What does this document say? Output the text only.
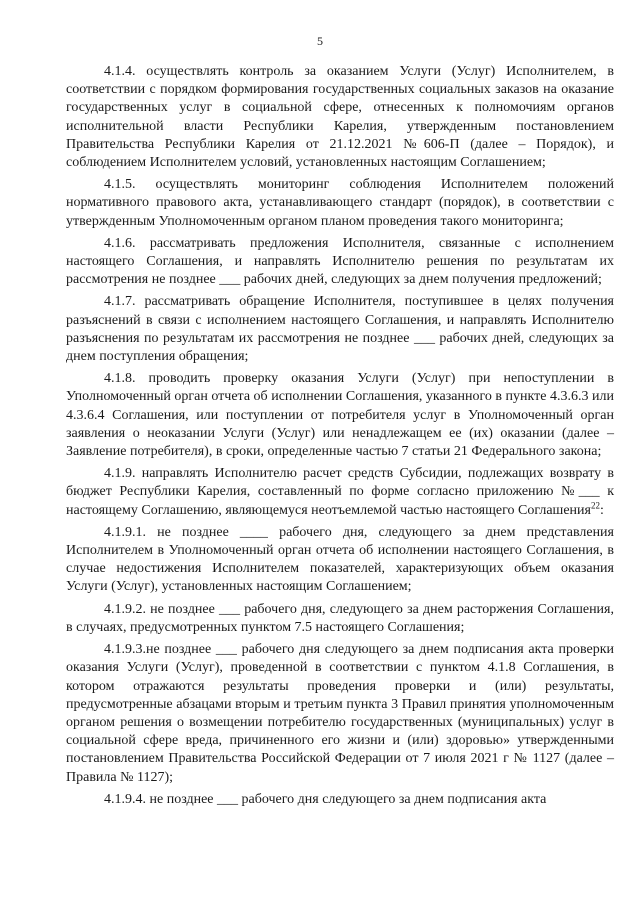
5

4.1.4. осуществлять контроль за оказанием Услуги (Услуг) Исполнителем, в соответствии с порядком формирования государственных социальных заказов на оказание государственных услуг в социальной сфере, отнесенных к полномочиям органов исполнительной власти Республики Карелия, утвержденным постановлением Правительства Республики Карелия от 21.12.2021 №606-П (далее – Порядок), и соблюдением Исполнителем условий, установленных настоящим Соглашением;

4.1.5. осуществлять мониторинг соблюдения Исполнителем положений нормативного правового акта, устанавливающего стандарт (порядок), в соответствии с утвержденным Уполномоченным органом планом проведения такого мониторинга;

4.1.6. рассматривать предложения Исполнителя, связанные с исполнением настоящего Соглашения, и направлять Исполнителю решения по результатам их рассмотрения не позднее ___ рабочих дней, следующих за днем получения предложений;

4.1.7. рассматривать обращение Исполнителя, поступившее в целях получения разъяснений в связи с исполнением настоящего Соглашения, и направлять Исполнителю разъяснения по результатам их рассмотрения не позднее ___ рабочих дней, следующих за днем поступления обращения;

4.1.8. проводить проверку оказания Услуги (Услуг) при непоступлении в Уполномоченный орган отчета об исполнении Соглашения, указанного в пункте 4.3.6.3 или 4.3.6.4 Соглашения, или поступлении от потребителя услуг в Уполномоченный орган заявления о неоказании Услуги (Услуг) или ненадлежащем ее (их) оказании (далее – Заявление потребителя), в сроки, определенные частью 7 статьи 21 Федерального закона;

4.1.9. направлять Исполнителю расчет средств Субсидии, подлежащих возврату в бюджет Республики Карелия, составленный по форме согласно приложению №___ к настоящему Соглашению, являющемуся неотъемлемой частью настоящего Соглашения$^{22}$:

4.1.9.1. не позднее ____ рабочего дня, следующего за днем представления Исполнителем в Уполномоченный орган отчета об исполнении настоящего Соглашения, в случае недостижения Исполнителем показателей, характеризующих объем оказания Услуги (Услуг), установленных настоящим Соглашением;

4.1.9.2. не позднее ___ рабочего дня, следующего за днем расторжения Соглашения, в случаях, предусмотренных пунктом 7.5 настоящего Соглашения;

4.1.9.3.не позднее ___ рабочего дня следующего за днем подписания акта проверки оказания Услуги (Услуг), проведенной в соответствии с пунктом 4.1.8 Соглашения, в котором отражаются результаты проведения проверки и (или) результаты, предусмотренные абзацами вторым и третьим пункта 3 Правил принятия уполномоченным органом решения о возмещении потребителю государственных (муниципальных) услуг в социальной сфере вреда, причиненного его жизни и (или) здоровью» утвержденными постановлением Правительства Российской Федерации от 7 июля 2021 г № 1127 (далее – Правила № 1127);

4.1.9.4. не позднее ___ рабочего дня следующего за днем подписания акта
